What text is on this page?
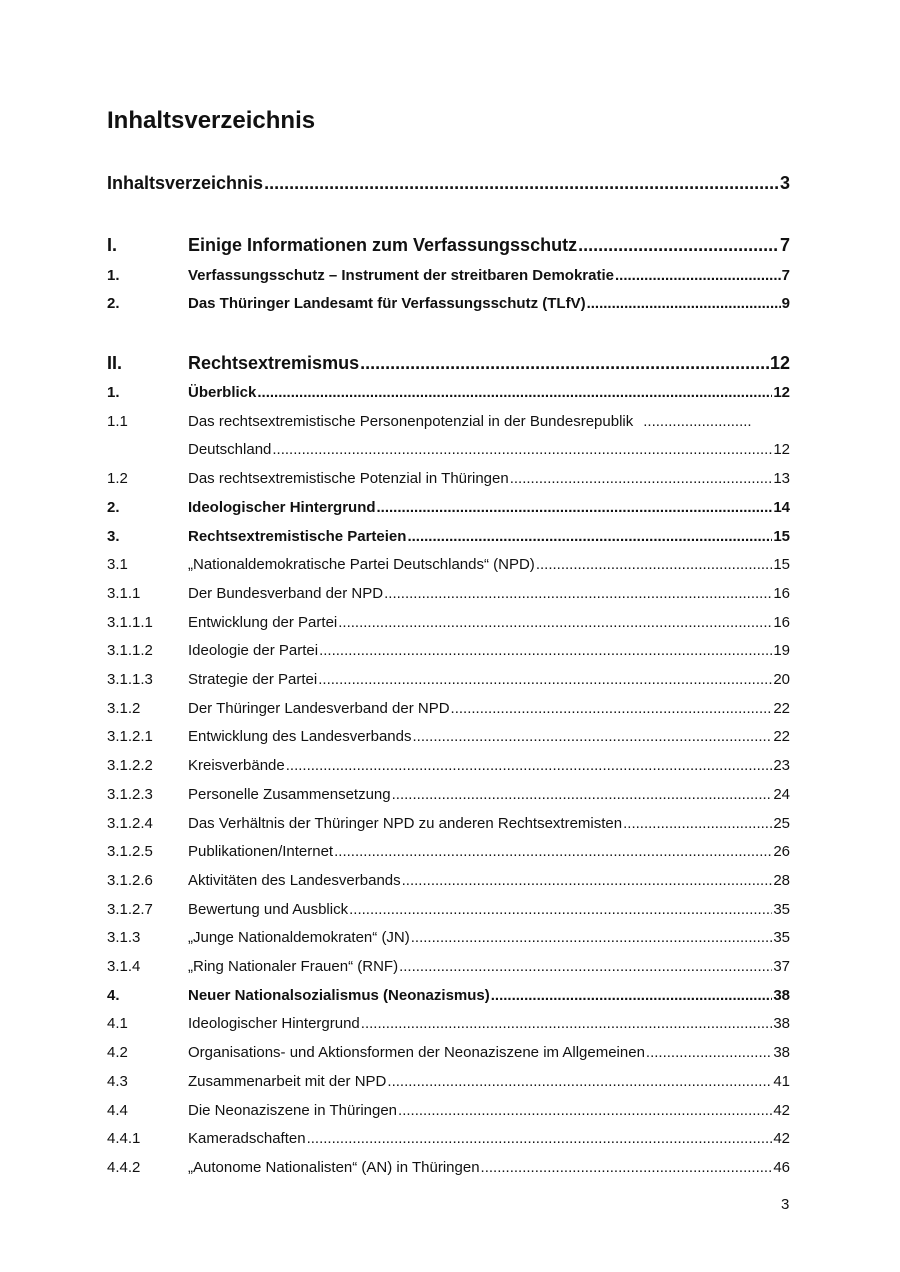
Inhaltsverzeichnis
Inhaltsverzeichnis .....	3
I.	Einige Informationen zum Verfassungsschutz .....	7
1.	Verfassungsschutz – Instrument der streitbaren Demokratie .....	7
2.	Das Thüringer Landesamt für Verfassungsschutz (TLfV) .....	9
II.	Rechtsextremismus .....	12
1.	Überblick .....	12
1.1	Das rechtsextremistische Personenpotenzial in der Bundesrepublik
.....
Deutschland .....	12
1.2	Das rechtsextremistische Potenzial in Thüringen .....	13
2.	Ideologischer Hintergrund .....	14
3.	Rechtsextremistische Parteien .....	15
3.1	„Nationaldemokratische Partei Deutschlands“ (NPD) .....	15
3.1.1	Der Bundesverband der NPD .....	16
3.1.1.1	Entwicklung der Partei .....	16
3.1.1.2	Ideologie der Partei .....	19
3.1.1.3	Strategie der Partei .....	20
3.1.2	Der Thüringer Landesverband der NPD .....	22
3.1.2.1	Entwicklung des Landesverbands .....	22
3.1.2.2	Kreisverbände .....	23
3.1.2.3	Personelle Zusammensetzung .....	24
3.1.2.4	Das Verhältnis der Thüringer NPD zu anderen Rechtsextremisten .....	25
3.1.2.5	Publikationen/Internet .....	26
3.1.2.6	Aktivitäten des Landesverbands .....	28
3.1.2.7	Bewertung und Ausblick .....	35
3.1.3	„Junge Nationaldemokraten“ (JN) .....	35
3.1.4	„Ring Nationaler Frauen“ (RNF) .....	37
4.	Neuer Nationalsozialismus (Neonazismus) .....	38
4.1	Ideologischer Hintergrund .....	38
4.2	Organisations- und Aktionsformen der Neonaziszene im Allgemeinen .....	38
4.3	Zusammenarbeit mit der NPD .....	41
4.4	Die Neonaziszene in Thüringen .....	42
4.4.1	Kameradschaften .....	42
4.4.2	„Autonome Nationalisten“ (AN) in Thüringen .....	46
3
